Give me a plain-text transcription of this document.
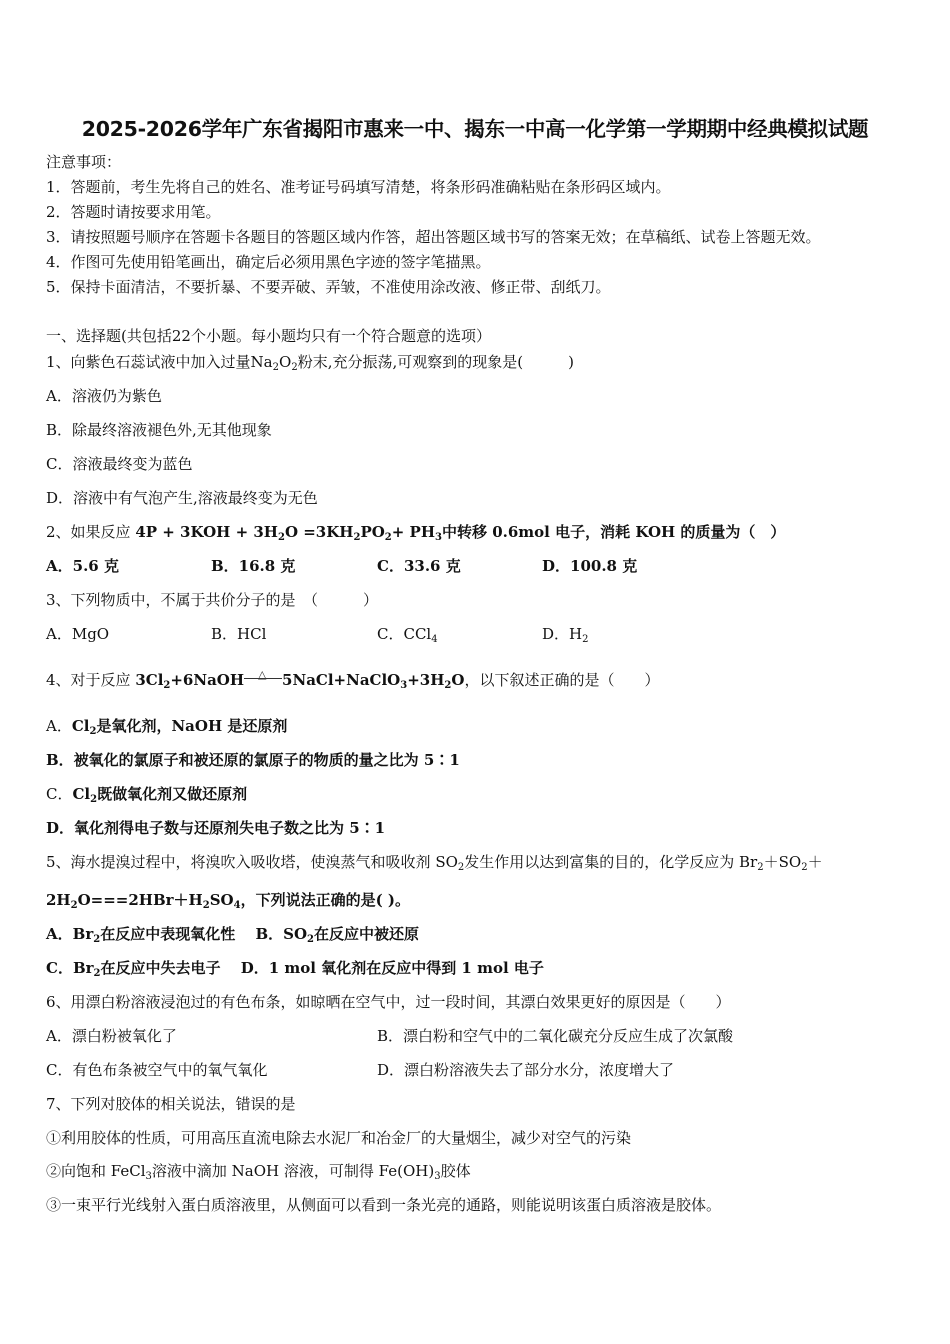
2025-2026学年广东省揭阳市惠来一中、揭东一中高一化学第一学期期中经典模拟试题
注意事项：
1．答题前，考生先将自己的姓名、准考证号码填写清楚，将条形码准确粘贴在条形码区域内。
2．答题时请按要求用笔。
3．请按照题号顺序在答题卡各题目的答题区域内作答，超出答题区域书写的答案无效；在草稿纸、试卷上答题无效。
4．作图可先使用铅笔画出，确定后必须用黑色字迹的签字笔描黑。
5．保持卡面清洁，不要折暴、不要弄破、弄皱，不准使用涂改液、修正带、刮纸刀。
一、选择题(共包括22个小题。每小题均只有一个符合题意的选项）
1、向紫色石蕊试液中加入过量$Na_2O_2$粉末,充分振荡,可观察到的现象是(　　　)
A．溶液仍为紫色
B．除最终溶液褪色外,无其他现象
C．溶液最终变为蓝色
D．溶液中有气泡产生,溶液最终变为无色
2、如果反应 $4P + 3KOH + 3H_2O =3KH_2PO_2+ PH_3$中转移 0.6mol 电子，消耗 KOH 的质量为（　）
A．5.6 克	B．16.8 克	C．33.6 克	D．100.8 克
3、下列物质中，不属于共价分子的是　（　　　）
A．MgO	B．HCl	C．CCl$_4$	D．$H_2$
4、对于反应 $3Cl_2+6NaOH$ △ $5NaCl+NaClO_3+3H_2O$，以下叙述正确的是（　　）
A．$Cl_2$是氧化剂，NaOH 是还原剂
B．被氧化的氯原子和被还原的氯原子的物质的量之比为 5∶1
C．$Cl_2$既做氧化剂又做还原剂
D．氧化剂得电子数与还原剂失电子数之比为 5∶1
5、海水提溴过程中，将溴吹入吸收塔，使溴蒸气和吸收剂 $SO_2$发生作用以达到富集的目的，化学反应为 $Br_2+SO_2+$
$2H_2O===2HBr+H_2SO_4$，下列说法正确的是( )。
A．$Br_2$在反应中表现氧化性　 B．$SO_2$在反应中被还原
C．$Br_2$在反应中失去电子　 D．1 mol 氧化剂在反应中得到 1 mol 电子
6、用漂白粉溶液浸泡过的有色布条，如晾晒在空气中，过一段时间，其漂白效果更好的原因是（　　）
A．漂白粉被氧化了	B．漂白粉和空气中的二氧化碳充分反应生成了次氯酸
C．有色布条被空气中的氧气氧化	D．漂白粉溶液失去了部分水分，浓度增大了
7、下列对胶体的相关说法，错误的是
①利用胶体的性质，可用高压直流电除去水泥厂和冶金厂的大量烟尘，减少对空气的污染
②向饱和 FeCl$_3$溶液中滴加 NaOH 溶液，可制得 $Fe(OH)_3$胶体
③一束平行光线射入蛋白质溶液里，从侧面可以看到一条光亮的通路，则能说明该蛋白质溶液是胶体。
